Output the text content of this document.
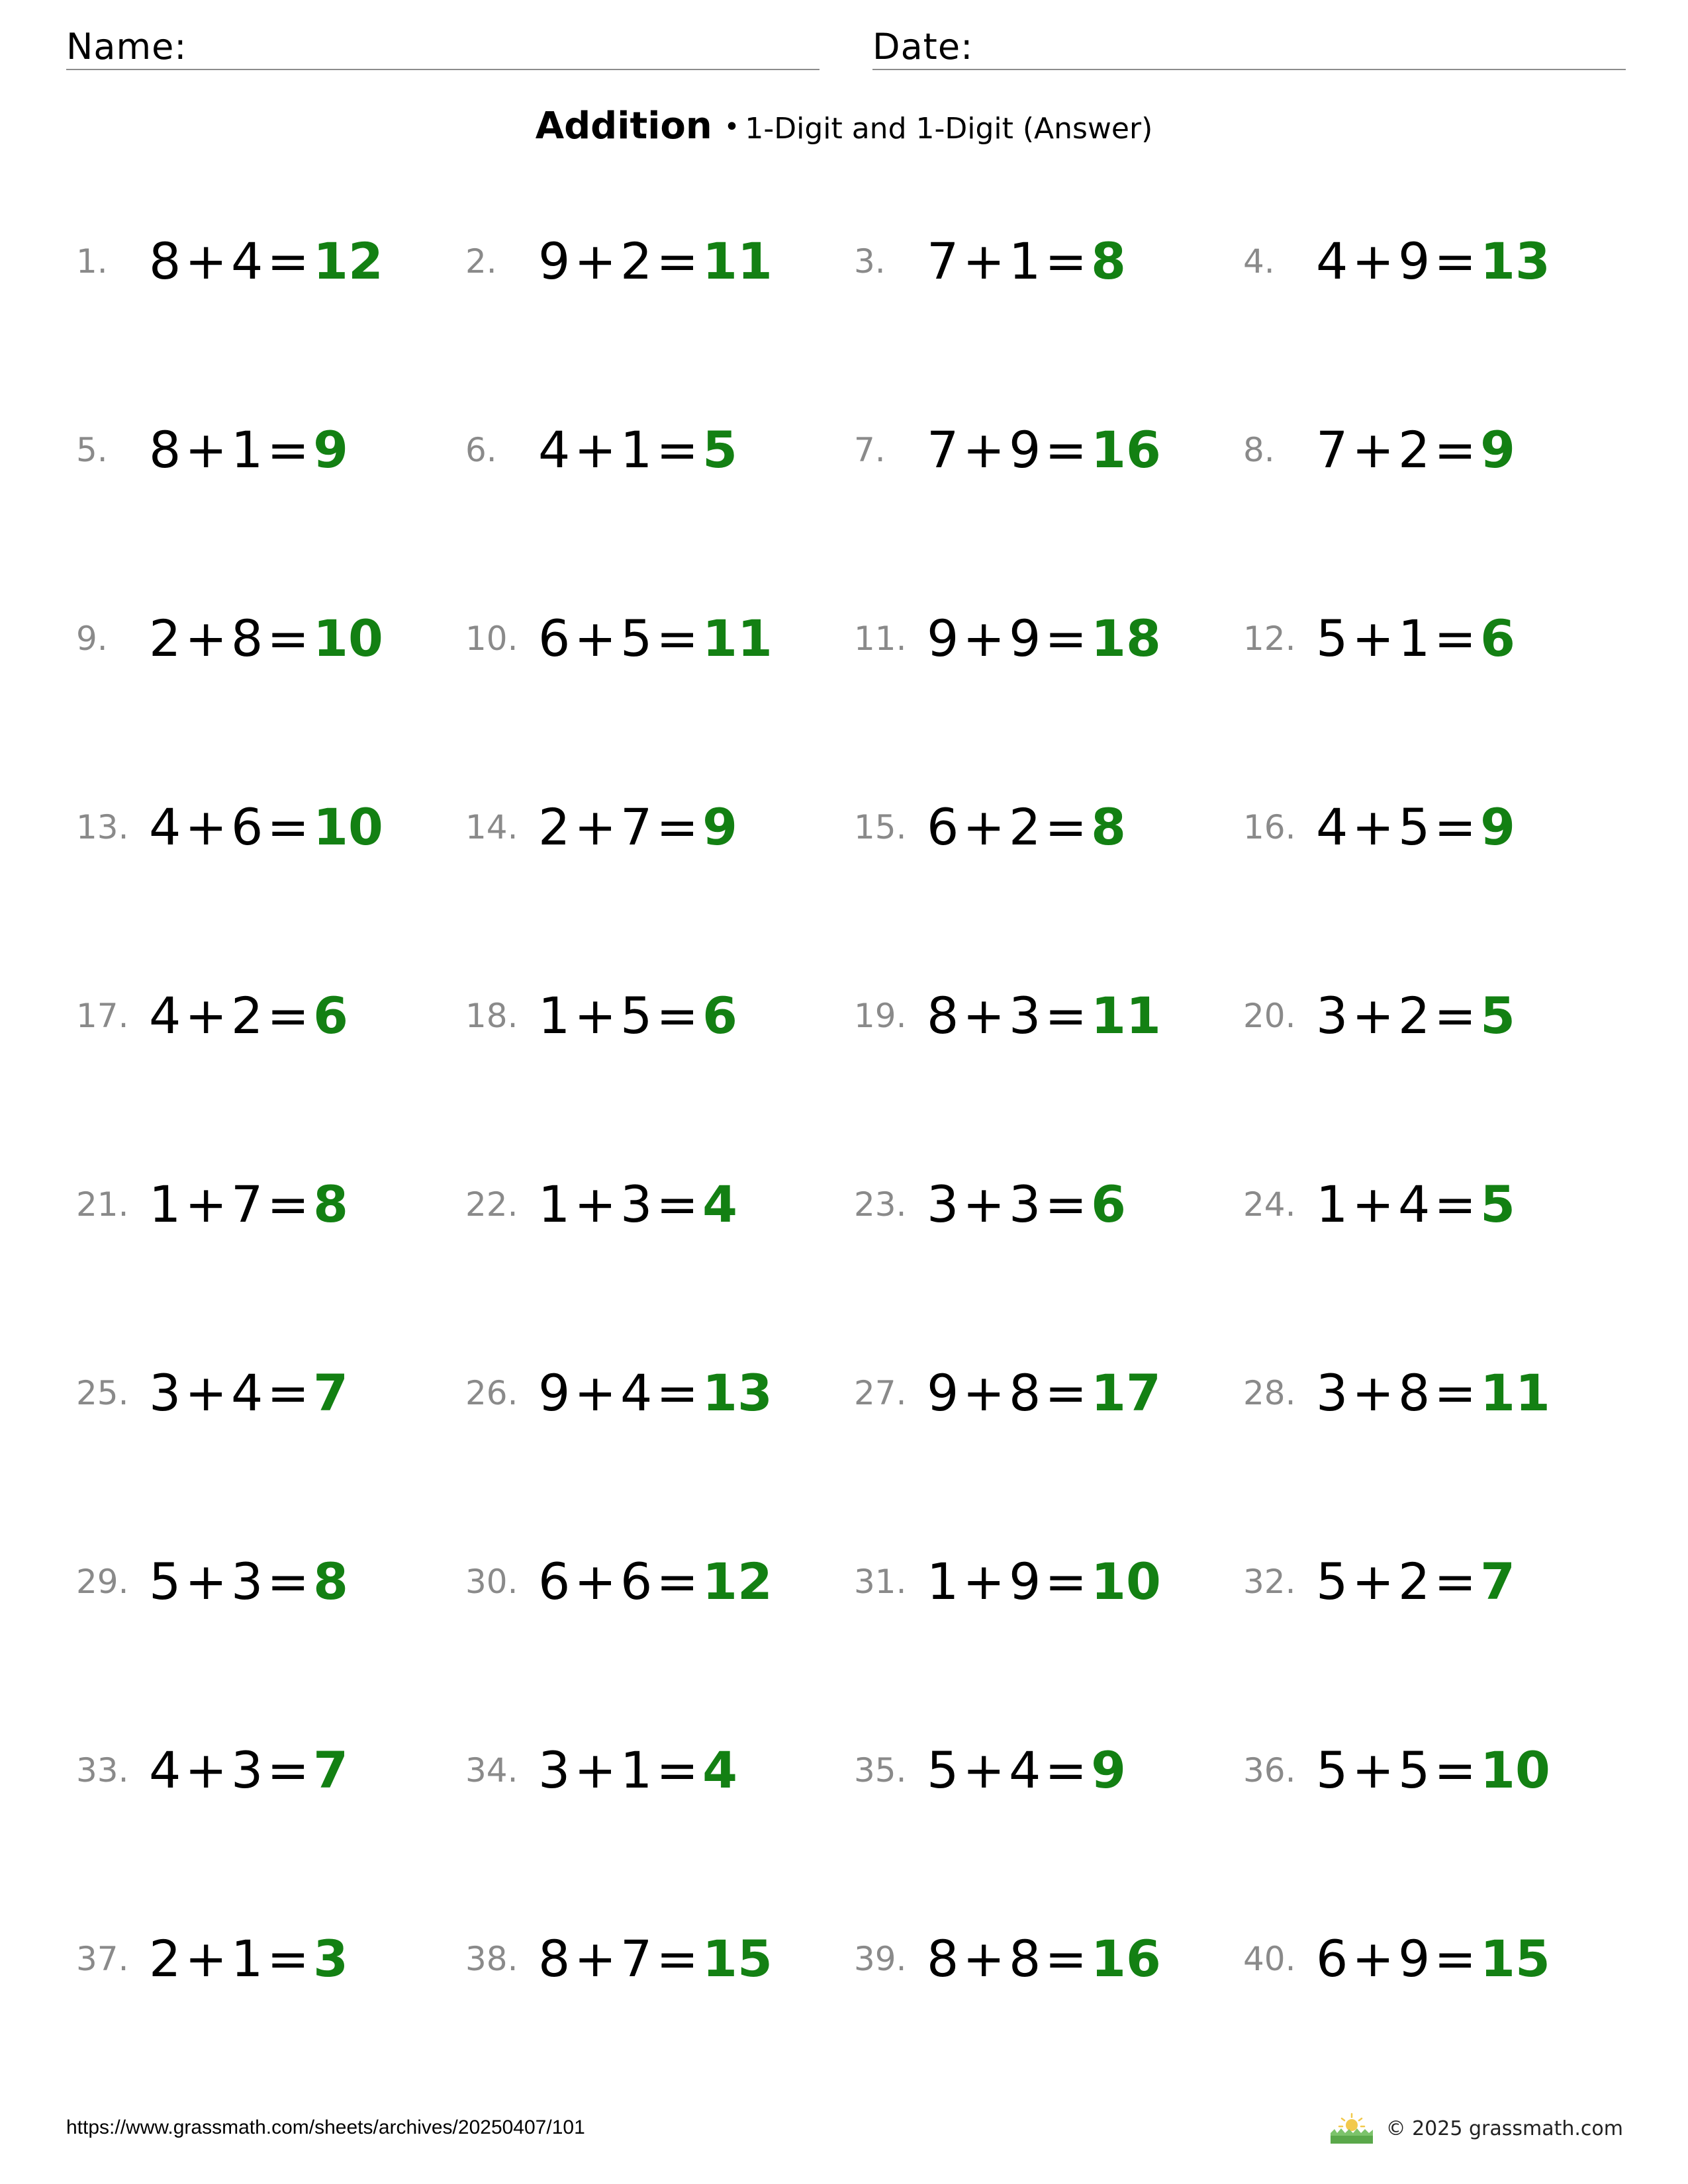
Name:	Date:
Addition • 1-Digit and 1-Digit (Answer)
1. 8+4=12 2. 9+2=11 3. 7+1=8	4. 4+9=13
5. 8+1=9	6. 4+1=5	7. 7+9=16 8. 7+2=9
9. 2+8=10 10. 6+5=11 11. 9+9=18 12. 5+1=6
13. 4+6=10 14. 2+7=9	15. 6+2=8	16. 4+5=9
17. 4+2=6	18. 1+5=6	19. 8+3=11 20. 3+2=5
21. 1+7=8	22. 1+3=4	23. 3+3=6	24. 1+4=5
25. 3+4=7	26. 9+4=13 27. 9+8=17 28. 3+8=11
29. 5+3=8	30. 6+6=12 31. 1+9=10 32. 5+2=7
33. 4+3=7	34. 3+1=4	35. 5+4=9	36. 5+5=10
37. 2+1=3	38. 8+7=15 39. 8+8=16 40. 6+9=15
https://www.grassmath.com/sheets/archives/20250407/101	© 2025 grassmath.com
